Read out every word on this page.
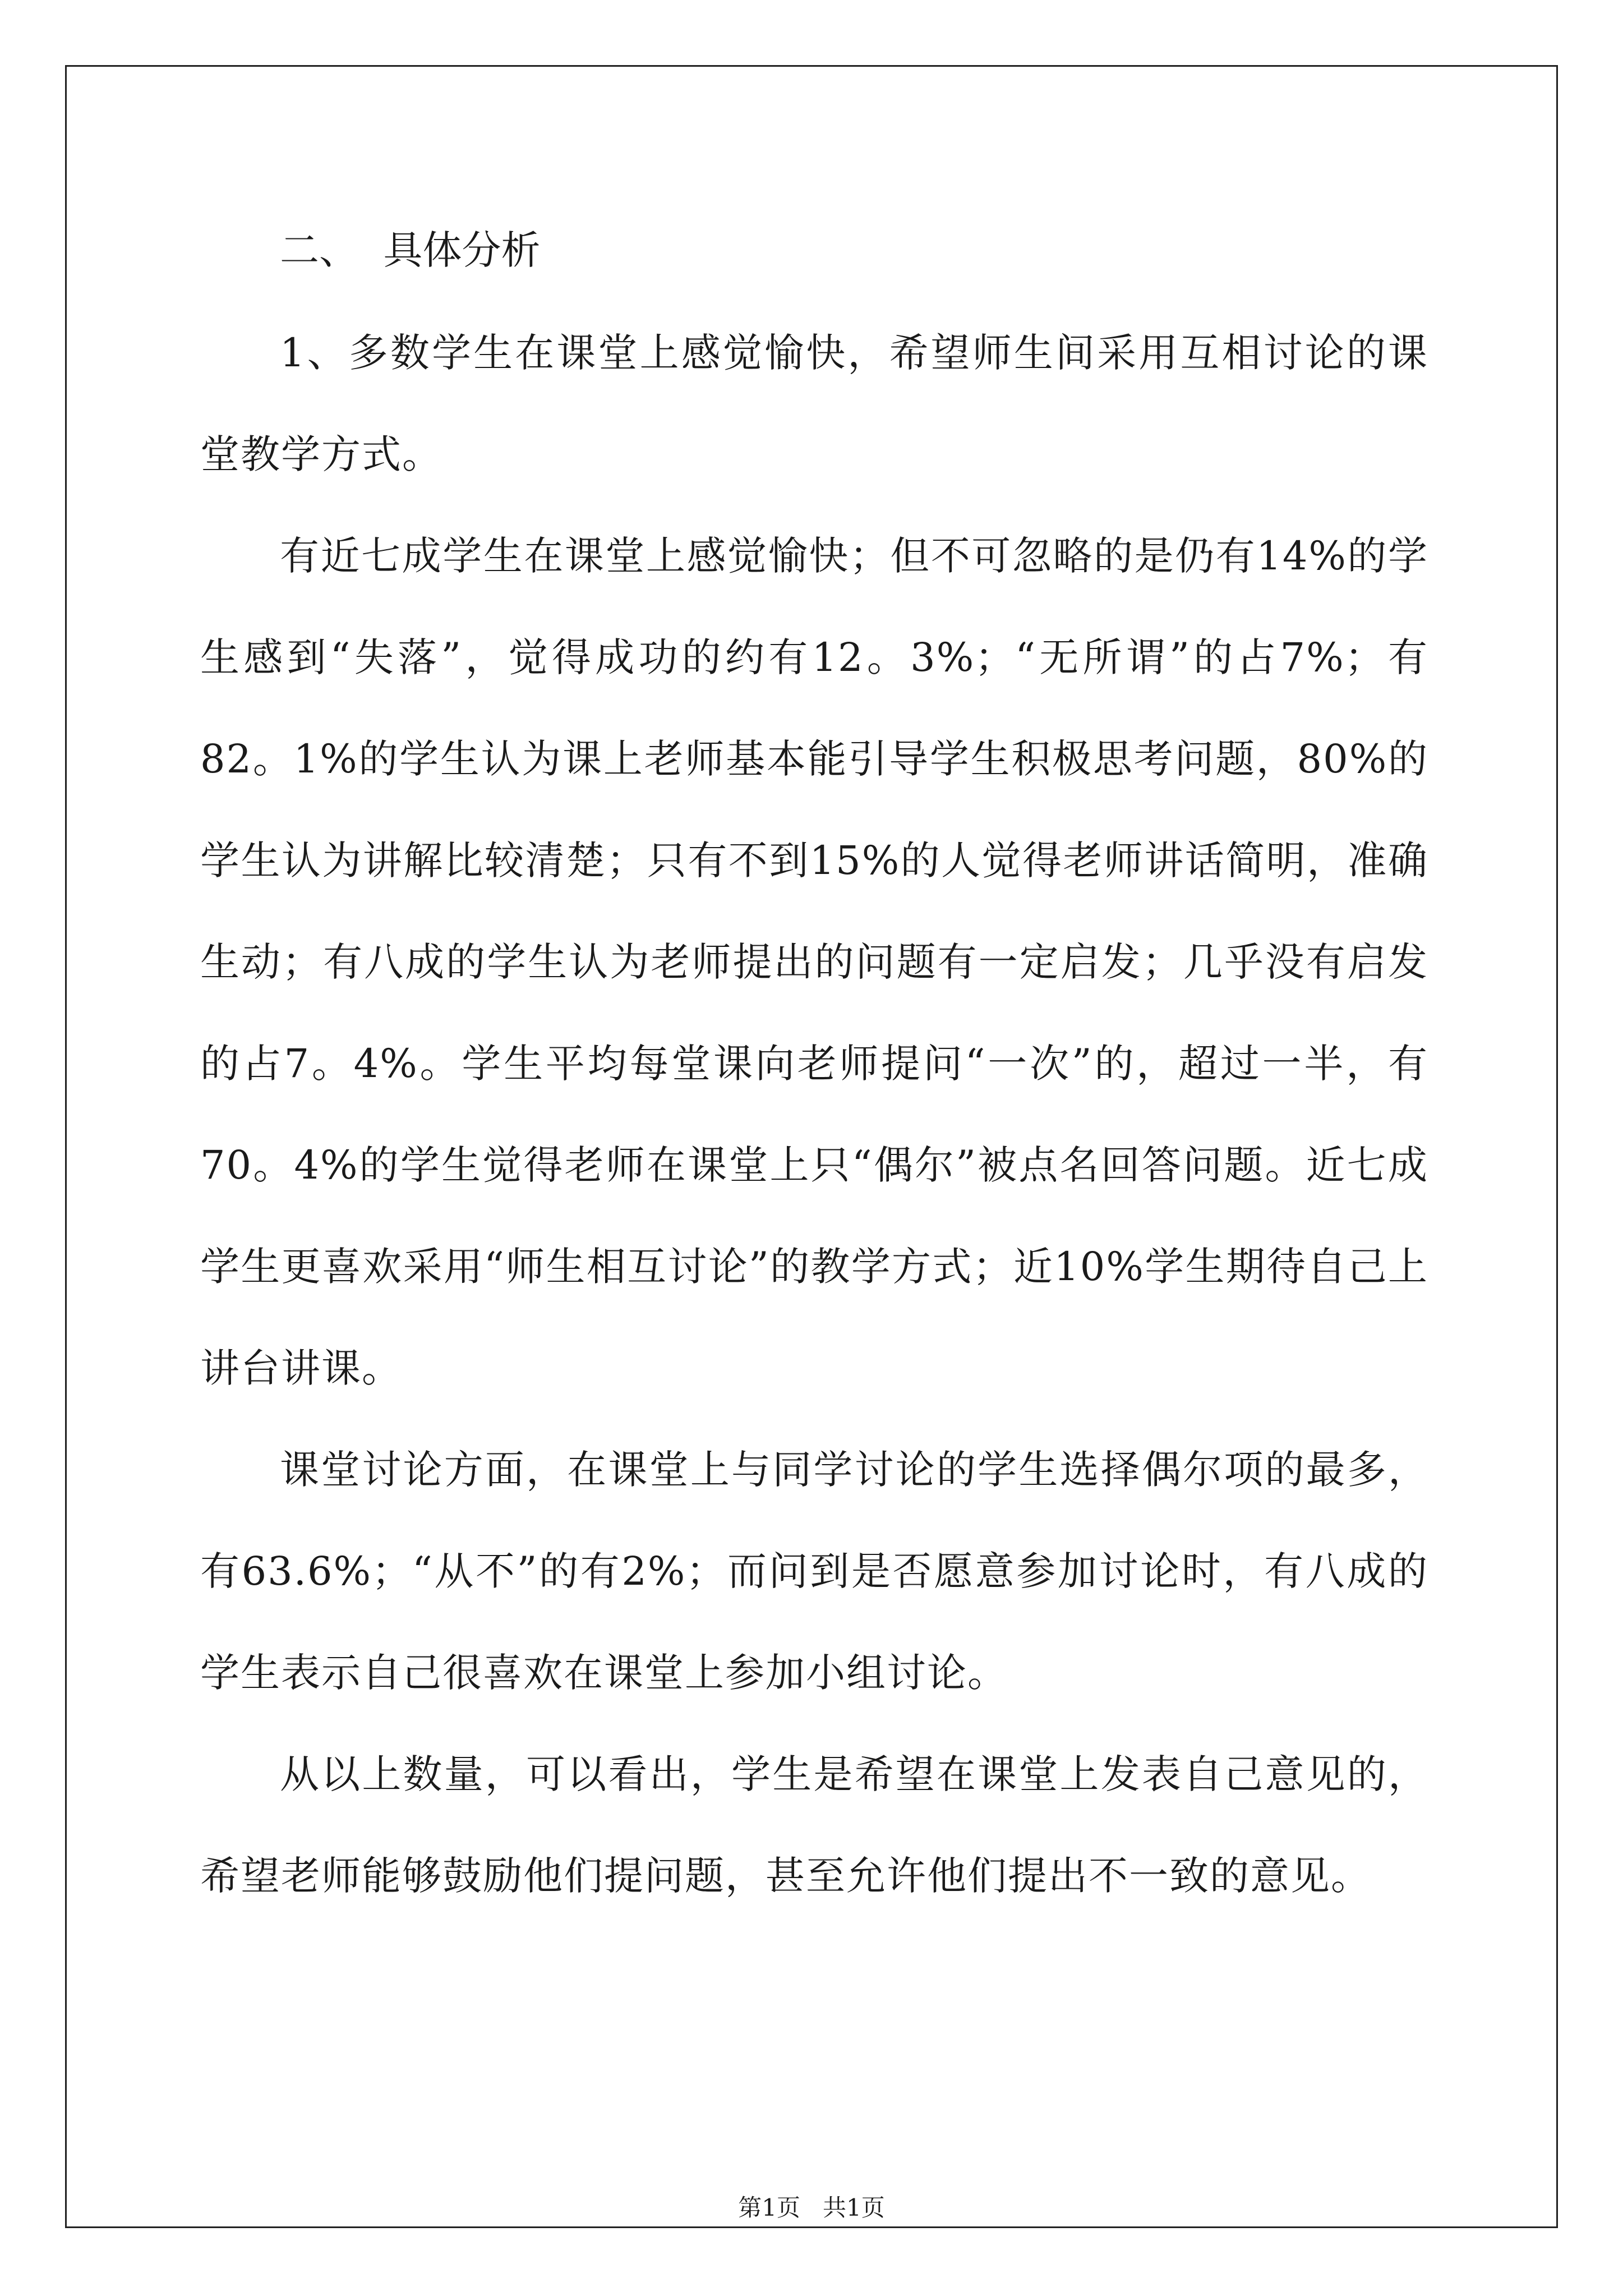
二、  具体分析

1、多数学生在课堂上感觉愉快，希望师生间采用互相讨论的课堂教学方式。

有近七成学生在课堂上感觉愉快；但不可忽略的是仍有14%的学生感到“失落”，觉得成功的约有12。3%；“无所谓”的占7%；有82。1%的学生认为课上老师基本能引导学生积极思考问题，80%的学生认为讲解比较清楚；只有不到15%的人觉得老师讲话简明，准确生动；有八成的学生认为老师提出的问题有一定启发；几乎没有启发的占7。4%。学生平均每堂课向老师提问“一次”的，超过一半，有70。4%的学生觉得老师在课堂上只“偶尔”被点名回答问题。近七成学生更喜欢采用“师生相互讨论”的教学方式；近10%学生期待自己上讲台讲课。

课堂讨论方面，在课堂上与同学讨论的学生选择偶尔项的最多，有63.6%；“从不”的有2%；而问到是否愿意参加讨论时，有八成的学生表示自己很喜欢在课堂上参加小组讨论。

从以上数量，可以看出，学生是希望在课堂上发表自己意见的，希望老师能够鼓励他们提问题，甚至允许他们提出不一致的意见。

第1页   共1页
